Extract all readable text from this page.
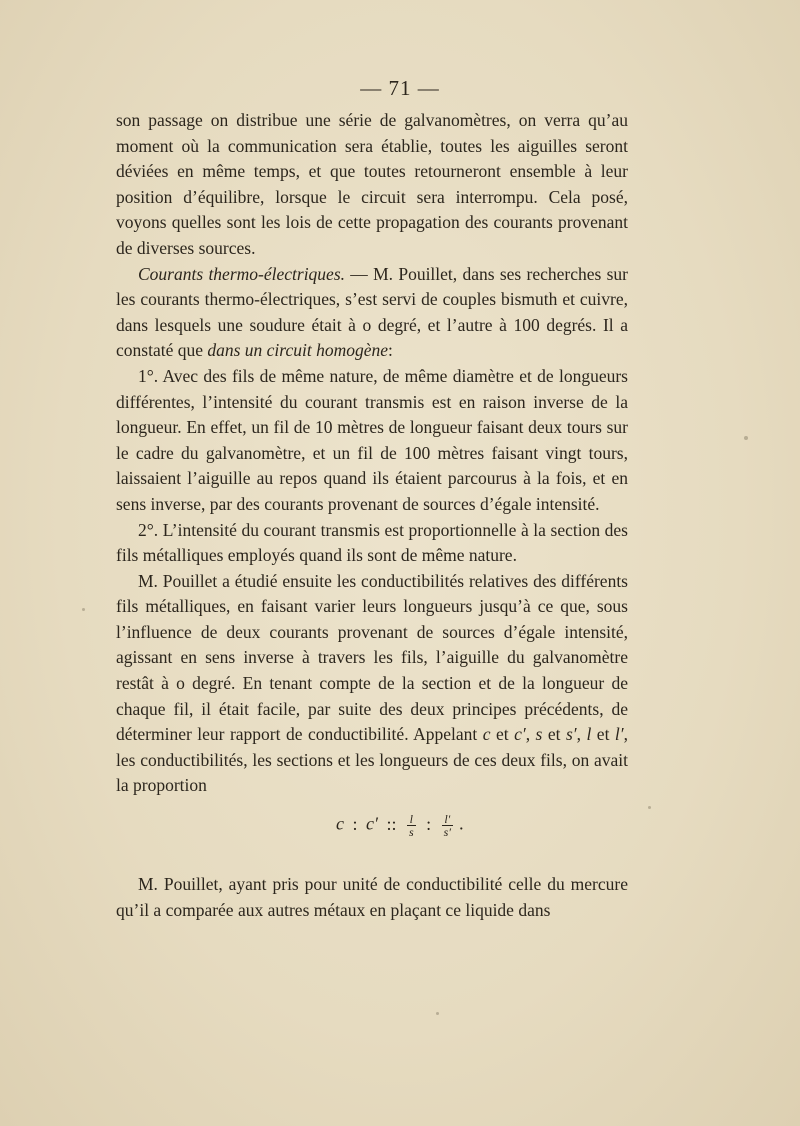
— 71 —

son passage on distribue une série de galvanomètres, on verra qu’au moment où la communication sera établie, toutes les aiguilles seront déviées en même temps, et que toutes retourneront ensemble à leur position d’équilibre, lorsque le circuit sera interrompu. Cela posé, voyons quelles sont les lois de cette propagation des courants provenant de diverses sources.

Courants thermo-électriques. — M. Pouillet, dans ses recherches sur les courants thermo-électriques, s’est servi de couples bismuth et cuivre, dans lesquels une soudure était à o degré, et l’autre à 100 degrés. Il a constaté que dans un circuit homogène:

1°. Avec des fils de même nature, de même diamètre et de longueurs différentes, l’intensité du courant transmis est en raison inverse de la longueur. En effet, un fil de 10 mètres de longueur faisant deux tours sur le cadre du galvanomètre, et un fil de 100 mètres faisant vingt tours, laissaient l’aiguille au repos quand ils étaient parcourus à la fois, et en sens inverse, par des courants provenant de sources d’égale intensité.

2°. L’intensité du courant transmis est proportionnelle à la section des fils métalliques employés quand ils sont de même nature.

M. Pouillet a étudié ensuite les conductibilités relatives des différents fils métalliques, en faisant varier leurs longueurs jusqu’à ce que, sous l’influence de deux courants provenant de sources d’égale intensité, agissant en sens inverse à travers les fils, l’aiguille du galvanomètre restât à o degré. En tenant compte de la section et de la longueur de chaque fil, il était facile, par suite des deux principes précédents, de déterminer leur rapport de conductibilité. Appelant c et c′, s et s′, l et l′, les conductibilités, les sections et les longueurs de ces deux fils, on avait la proportion

c : c′ :: $\frac{l}{s}$ : $\frac{l'}{s'}$ .

M. Pouillet, ayant pris pour unité de conductibilité celle du mercure qu’il a comparée aux autres métaux en plaçant ce liquide dans
